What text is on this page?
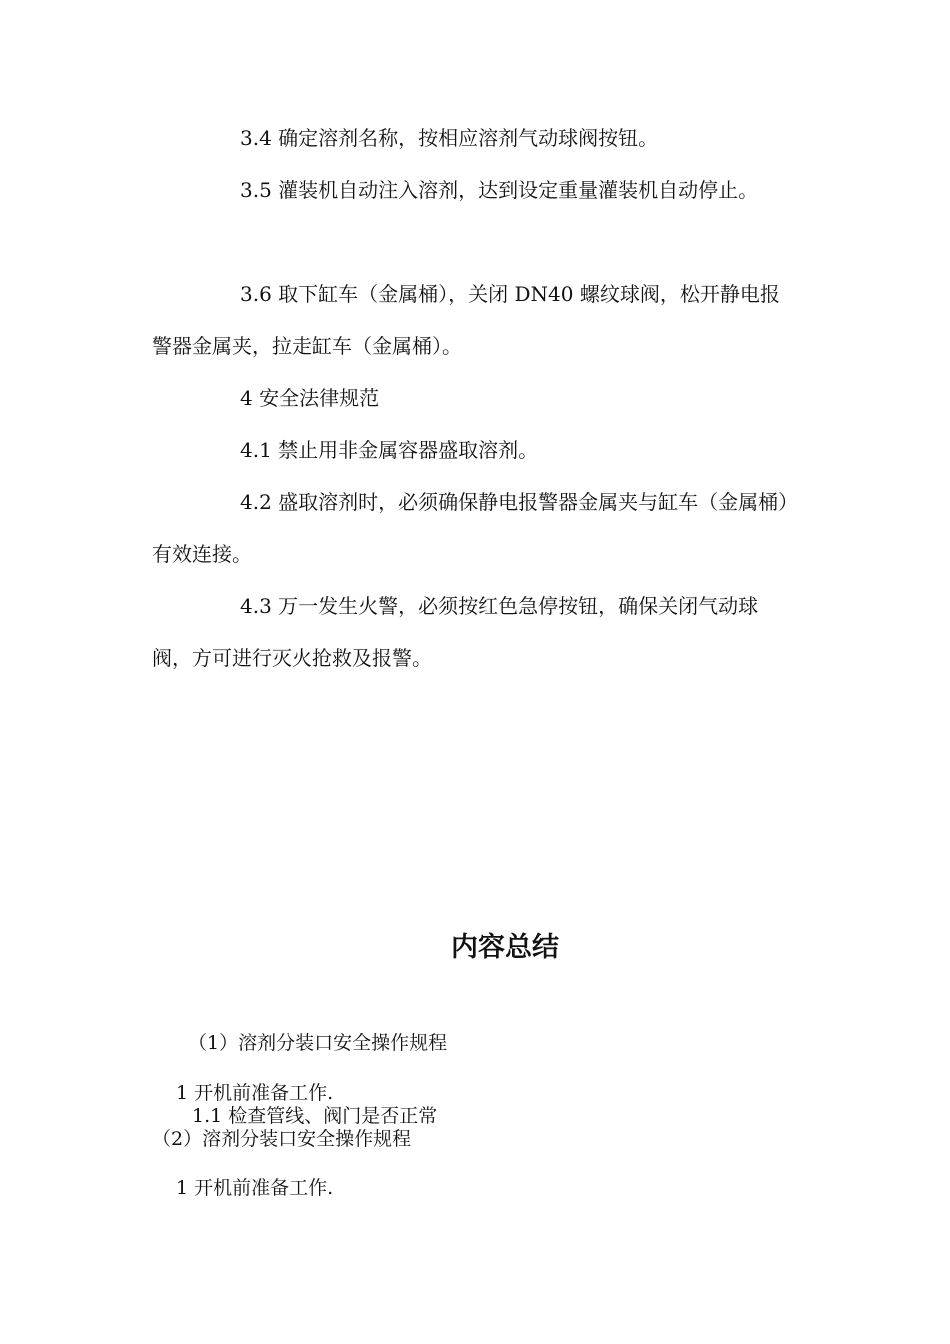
3.4 确定溶剂名称，按相应溶剂气动球阀按钮。

3.5 灌装机自动注入溶剂，达到设定重量灌装机自动停止。

3.6 取下缸车（金属桶），关闭 DN40 螺纹球阀，松开静电报警器金属夹，拉走缸车（金属桶）。

4 安全法律规范

4.1 禁止用非金属容器盛取溶剂。

4.2 盛取溶剂时，必须确保静电报警器金属夹与缸车（金属桶）有效连接。

4.3 万一发生火警，必须按红色急停按钮，确保关闭气动球阀，方可进行灭火抢救及报警。

内容总结

（1）溶剂分装口安全操作规程

1 开机前准备工作.

1.1 检查管线、阀门是否正常

（2）溶剂分装口安全操作规程

1 开机前准备工作.
